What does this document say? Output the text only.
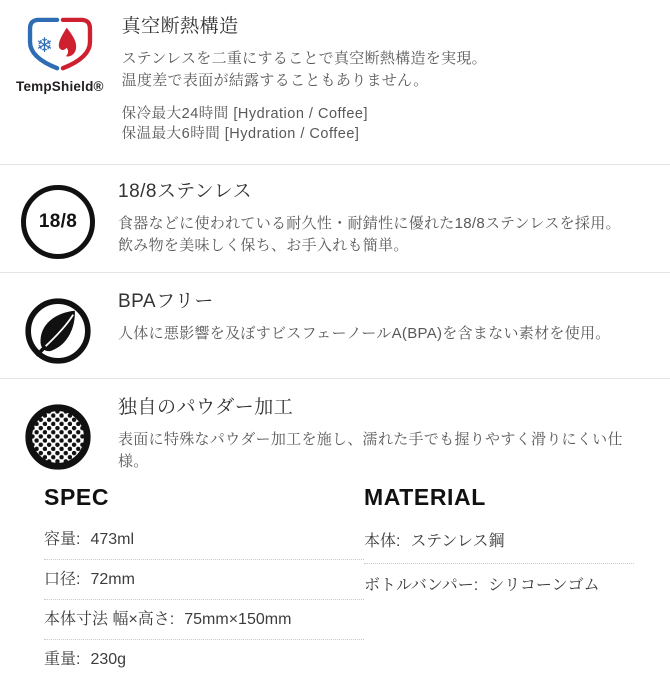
❄
TempShield®
真空断熱構造

ステンレスを二重にすることで真空断熱構造を実現。

温度差で表面が結露することもありません。

保冷最大24時間 [Hydration / Coffee]

保温最大6時間 [Hydration / Coffee]

18/8
18/8ステンレス

食器などに使われている耐久性・耐錆性に優れた18/8ステンレスを採用。

飲み物を美味しく保ち、お手入れも簡単。

BPAフリー

人体に悪影響を及ぼすビスフェーノールA(BPA)を含まない素材を使用。

独自のパウダー加工

表面に特殊なパウダー加工を施し、濡れた手でも握りやすく滑りにくい仕

様。

SPEC
容量: 473ml
口径: 72mm
本体寸法 幅×高さ: 75mm×150mm
重量: 230g
MATERIAL
本体: ステンレス鋼
ボトルバンパー: シリコーンゴム
